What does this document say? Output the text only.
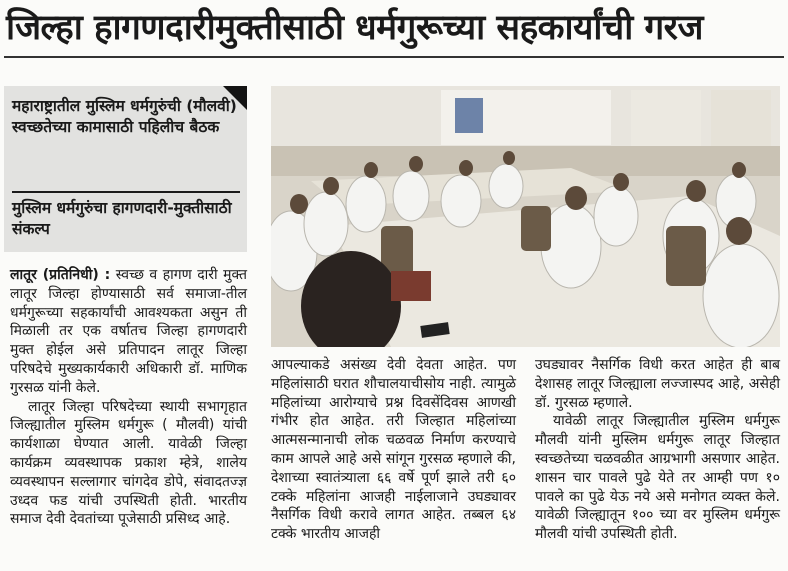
जिल्हा हागणदारीमुक्तीसाठी धर्मगुरूच्या सहकार्यांची गरज
महाराष्ट्रातील मुस्लिम धर्मगुरुंची (मौलवी) स्वच्छतेच्या कामासाठी पहिलीच बैठक
मुस्लिम धर्मगुरुंचा हागणदारी-मुक्तीसाठी संकल्प

लातूर (प्रतिनिधी) : स्वच्छ व हागण दारी मुक्त लातूर जिल्हा होण्यासाठी सर्व समाजा-तील धर्मगुरूच्या सहकार्यांची आवश्यकता असुन ती मिळाली तर एक वर्षातच जिल्हा हागणदारी मुक्त होईल असे प्रतिपादन लातूर जिल्हा परिषदेचे मुख्यकार्यकारी अधिकारी डॉ. माणिक गुरसळ यांनी केले.

लातूर जिल्हा परिषदेच्या स्थायी सभागृहात जिल्ह्यातील मुस्लिम धर्मगुरू ( मौलवी) यांची कार्यशाळा घेण्यात आली. यावेळी जिल्हा कार्यक्रम व्यवस्थापक प्रकाश म्हेत्रे, शालेय व्यवस्थापन सल्लागार चांगदेव डोपे, संवादतज्ज्ञ उध्दव फड यांची उपस्थिती होती. भारतीय समाज देवी देवतांच्या पूजेसाठी प्रसिध्द आहे.

आपल्याकडे असंख्य देवी देवता आहेत. पण महिलांसाठी घरात शौचालयाचीसोय नाही. त्यामुळे महिलांच्या आरोग्याचे प्रश्न दिवसेंदिवस आणखी गंभीर होत आहेत. तरी जिल्हात महिलांच्या आत्मसन्मानाची लोक चळवळ निर्माण करण्याचे काम आपले आहे असे सांगून गुरसळ म्हणाले की, देशाच्या स्वातंत्र्याला ६६ वर्षे पूर्ण झाले तरी ६० टक्के महिलांना आजही नाईलाजाने उघड्यावर नैसर्गिक विधी करावे लागत आहेत. तब्बल ६४ टक्के भारतीय आजही

उघड्यावर नैसर्गिक विधी करत आहेत ही बाब देशासह लातूर जिल्ह्याला लज्जास्पद आहे, असेही डॉ. गुरसळ म्हणाले.

यावेळी लातूर जिल्ह्यातील मुस्लिम धर्मगुरू मौलवी यांनी मुस्लिम धर्मगुरू लातूर जिल्हात स्वच्छतेच्या चळवळीत आग्रभागी असणार आहेत. शासन चार पावले पुढे येते तर आम्ही पण १० पावले का पुढे येऊ नये असे मनोगत व्यक्त केले. यावेळी जिल्ह्यातून १०० च्या वर मुस्लिम धर्मगुरू मौलवी यांची उपस्थिती होती.
